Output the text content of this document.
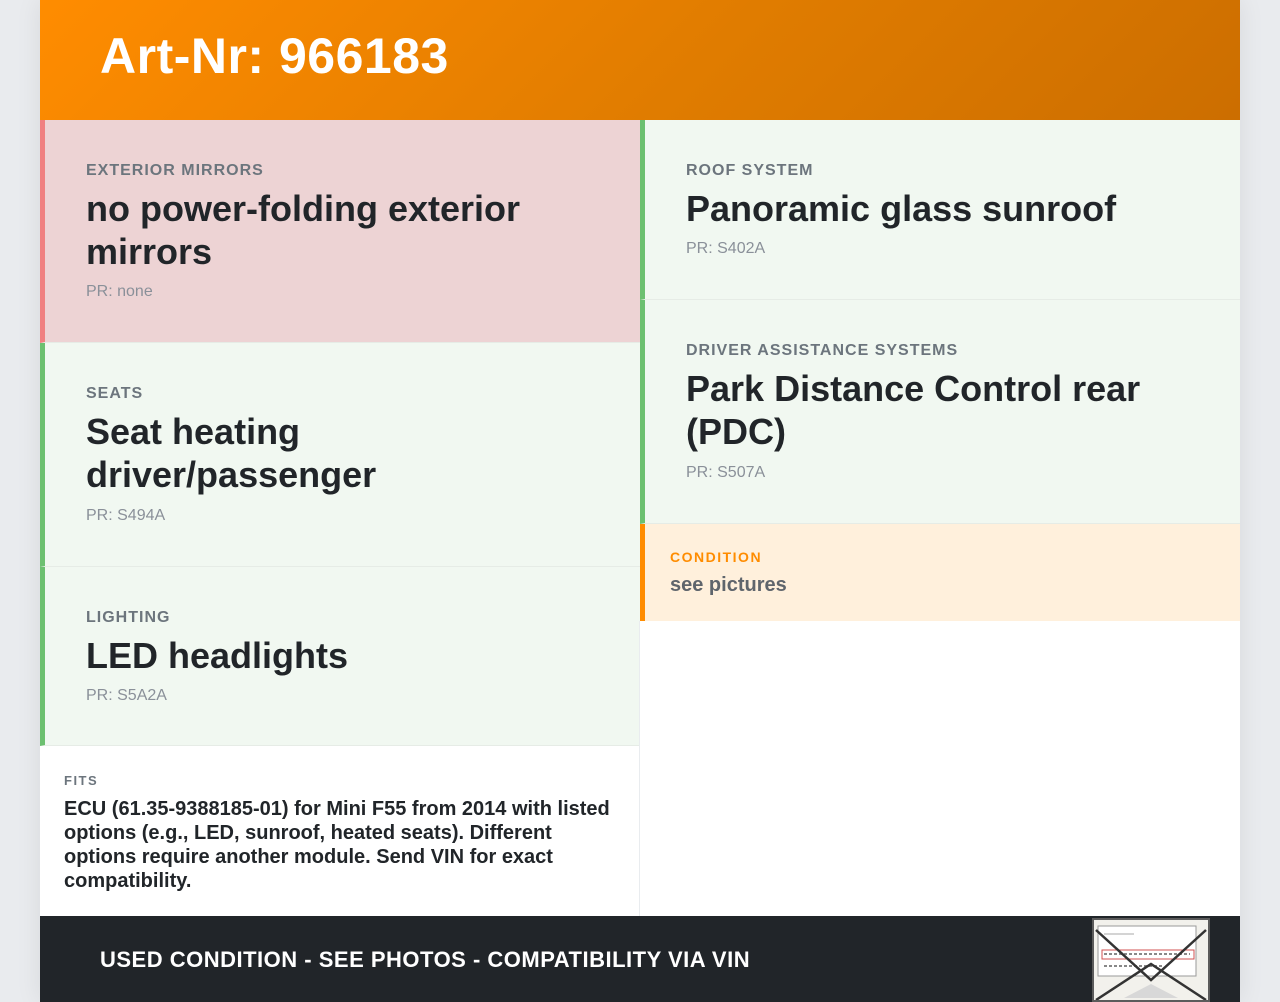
Art-Nr: 966183
EXTERIOR MIRRORS
no power-folding exterior mirrors
PR: none
SEATS
Seat heating driver/passenger
PR: S494A
LIGHTING
LED headlights
PR: S5A2A
ROOF SYSTEM
Panoramic glass sunroof
PR: S402A
DRIVER ASSISTANCE SYSTEMS
Park Distance Control rear (PDC)
PR: S507A
CONDITION
see pictures
FITS
ECU (61.35-9388185-01) for Mini F55 from 2014 with listed options (e.g., LED, sunroof, heated seats). Different options require another module. Send VIN for exact compatibility.
USED CONDITION - SEE PHOTOS - COMPATIBILITY VIA VIN
